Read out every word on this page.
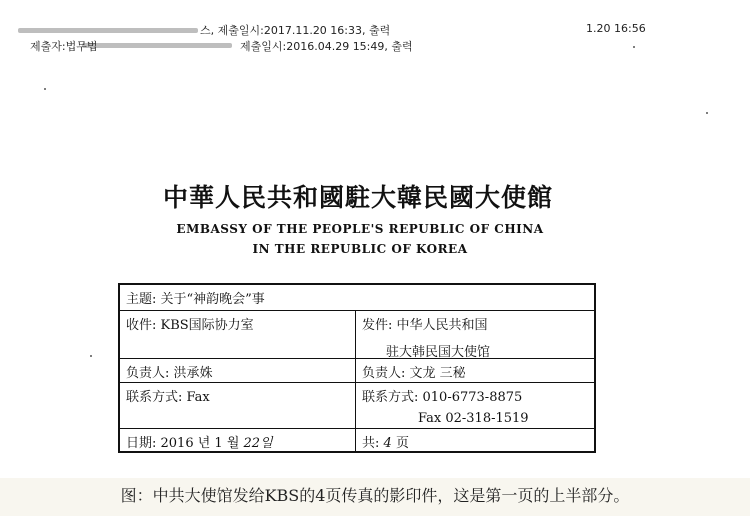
스, 제출일시:2017.11.20 16:33, 출력
제출자:법무법	제출일시:2016.04.29 15:49, 출력
1.20 16:56
中華人民共和國駐大韓民國大使館
EMBASSY OF THE PEOPLE'S REPUBLIC OF CHINA
IN THE REPUBLIC OF KOREA
主题: 关于“神韵晚会”事
收件: KBS国际协力室	发件: 中华人民共和国
驻大韩民国大使馆
负责人: 洪承姝	负责人: 文龙 三秘
联系方式: Fax	联系方式: 010-6773-8875
Fax 02-318-1519
日期: 2016 년 1 월 22일	共: 4 页
图：中共大使馆发给KBS的4页传真的影印件，这是第一页的上半部分。
